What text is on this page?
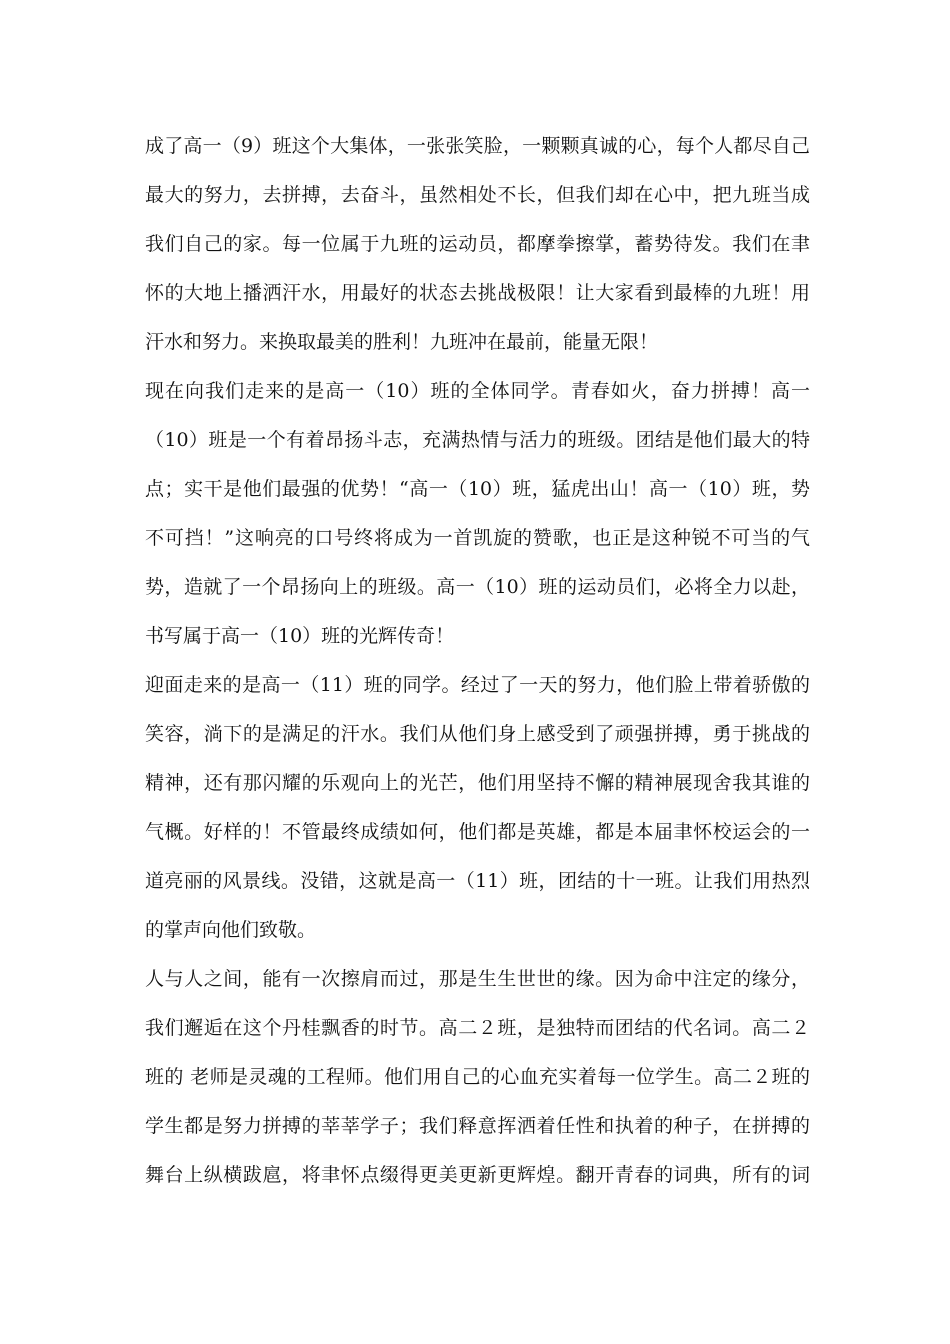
成了高一（9）班这个大集体，一张张笑脸，一颗颗真诚的心，每个人都尽自己
最大的努力，去拼搏，去奋斗，虽然相处不长，但我们却在心中，把九班当成
我们自己的家。每一位属于九班的运动员，都摩拳擦掌，蓄势待发。我们在聿
怀的大地上播洒汗水，用最好的状态去挑战极限！让大家看到最棒的九班！用
汗水和努力。来换取最美的胜利！九班冲在最前，能量无限！
现在向我们走来的是高一（10）班的全体同学。青春如火，奋力拼搏！高一
（10）班是一个有着昂扬斗志，充满热情与活力的班级。团结是他们最大的特
点；实干是他们最强的优势！“高一（10）班，猛虎出山！高一（10）班，势
不可挡！”这响亮的口号终将成为一首凯旋的赞歌，也正是这种锐不可当的气
势，造就了一个昂扬向上的班级。高一（10）班的运动员们，必将全力以赴，
书写属于高一（10）班的光辉传奇！
迎面走来的是高一（11）班的同学。经过了一天的努力，他们脸上带着骄傲的
笑容，淌下的是满足的汗水。我们从他们身上感受到了顽强拼搏，勇于挑战的
精神，还有那闪耀的乐观向上的光芒，他们用坚持不懈的精神展现舍我其谁的
气概。好样的！不管最终成绩如何，他们都是英雄，都是本届聿怀校运会的一
道亮丽的风景线。没错，这就是高一（11）班，团结的十一班。让我们用热烈
的掌声向他们致敬。
人与人之间，能有一次擦肩而过，那是生生世世的缘。因为命中注定的缘分，
我们邂逅在这个丹桂飘香的时节。高二２班，是独特而团结的代名词。高二２
班的 老师是灵魂的工程师。他们用自己的心血充实着每一位学生。高二２班的
学生都是努力拼搏的莘莘学子；我们释意挥洒着任性和执着的种子，在拼搏的
舞台上纵横跋扈，将聿怀点缀得更美更新更辉煌。翻开青春的词典，所有的词
